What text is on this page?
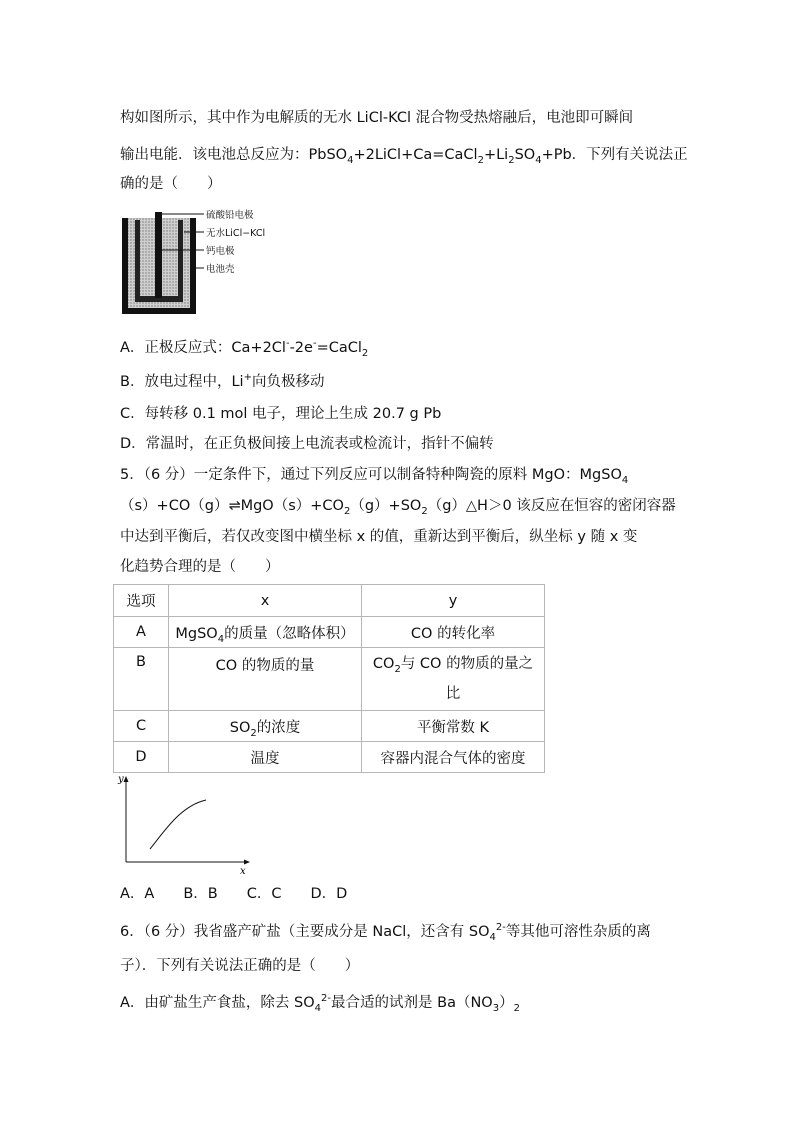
构如图所示，其中作为电解质的无水 LiCl-KCl 混合物受热熔融后，电池即可瞬间
输出电能．该电池总反应为：$PbSO_4+2LiCl+Ca=CaCl_2+Li_2SO_4+Pb$．下列有关说法正
确的是（　　）
硫酸铅电极
无水LiCl−KCl
钙电极
电池壳
A．正极反应式：Ca+2Cl--2e-=CaCl$_2$
B．放电过程中，Li+向负极移动
C．每转移 0.1 mol 电子，理论上生成 20.7 g Pb
D．常温时，在正负极间接上电流表或检流计，指针不偏转
5．（6 分）一定条件下，通过下列反应可以制备特种陶瓷的原料 MgO：MgSO$_4$
$(s)+CO(g)\rightleftharpoons MgO(s)+CO_2(g)+SO_2(g)\triangle H>0$ 该反应在恒容的密闭容器
中达到平衡后，若仅改变图中横坐标 x 的值，重新达到平衡后，纵坐标 y 随 x 变
化趋势合理的是（　　）
选项	x	y
A	MgSO$_4$的质量（忽略体积）	CO 的转化率
B	CO 的物质的量	$CO_2$与 CO 的物质的量之
比
C	$SO_2$的浓度	平衡常数 K
D	温度	容器内混合气体的密度
y
x
A．A　　B．B　　C．C　　D．D
6．（6 分）我省盛产矿盐（主要成分是 NaCl，还含有 $SO_4^{2-}$等其他可溶性杂质的离
子）．下列有关说法正确的是（　　）
A．由矿盐生产食盐，除去 $SO_4^{2-}$最合适的试剂是 $Ba(NO_3)_2$
